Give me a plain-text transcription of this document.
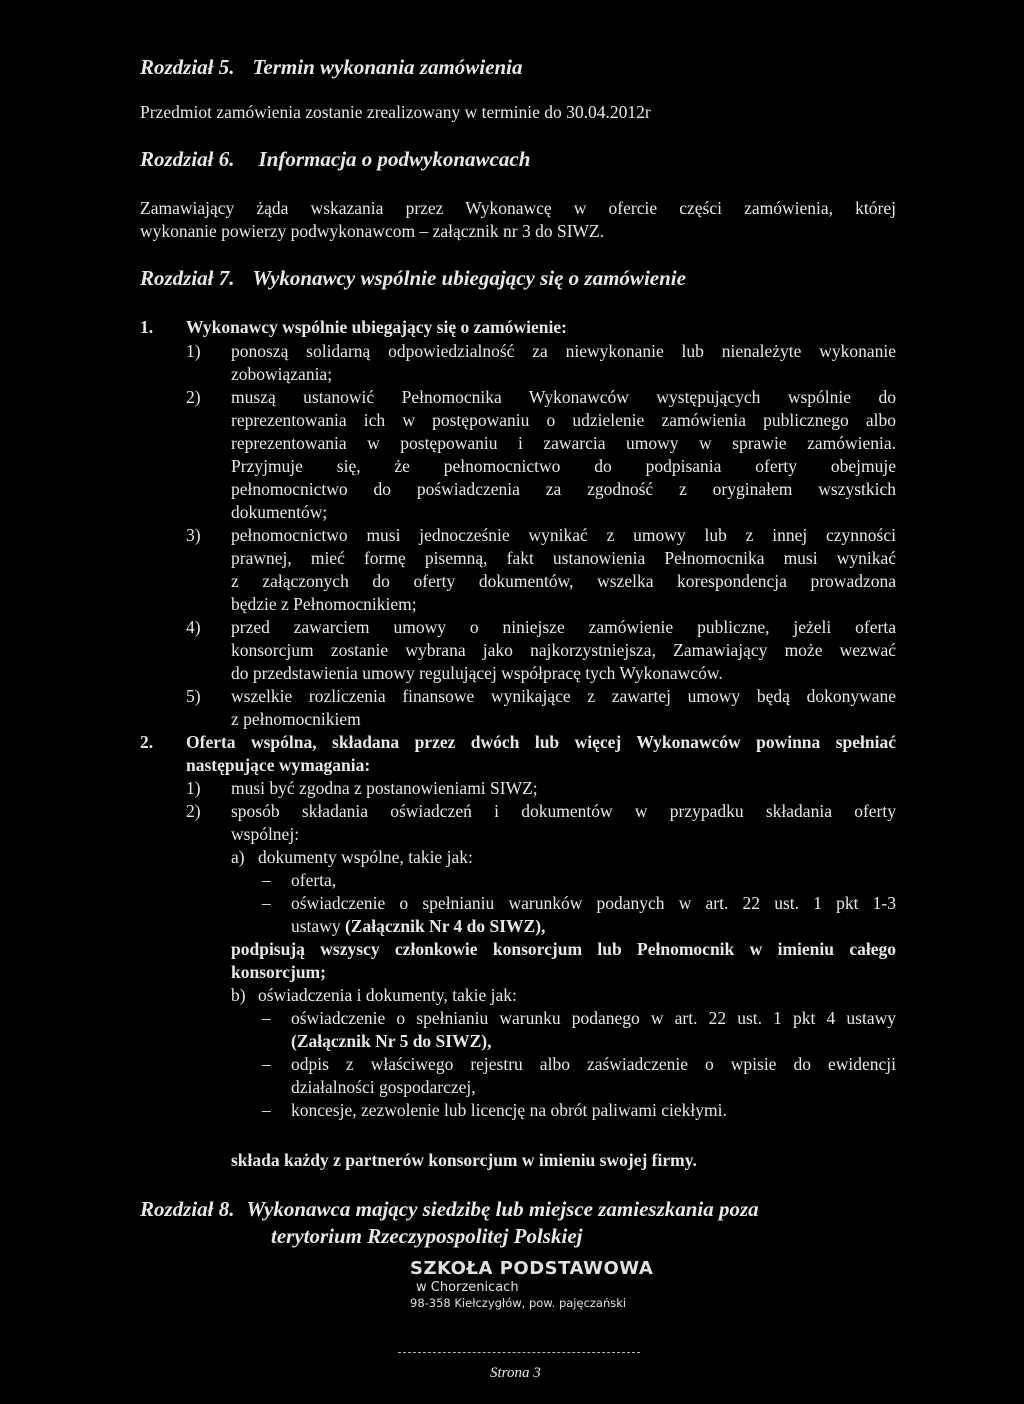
Rozdział 5. Termin wykonania zamówienia
Przedmiot zamówienia zostanie zrealizowany w terminie do 30.04.2012r
Rozdział 6. Informacja o podwykonawcach
Zamawiający żąda wskazania przez Wykonawcę w ofercie części zamówienia, której
wykonanie powierzy podwykonawcom – załącznik nr 3 do SIWZ.
Rozdział 7. Wykonawcy wspólnie ubiegający się o zamówienie
1. Wykonawcy wspólnie ubiegający się o zamówienie:
1) ponoszą solidarną odpowiedzialność za niewykonanie lub nienależyte wykonanie
zobowiązania;
2) muszą ustanowić Pełnomocnika Wykonawców występujących wspólnie do
reprezentowania ich w postępowaniu o udzielenie zamówienia publicznego albo
reprezentowania w postępowaniu i zawarcia umowy w sprawie zamówienia.
Przyjmuje się, że pełnomocnictwo do podpisania oferty obejmuje
pełnomocnictwo do poświadczenia za zgodność z oryginałem wszystkich
dokumentów;
3) pełnomocnictwo musi jednocześnie wynikać z umowy lub z innej czynności
prawnej, mieć formę pisemną, fakt ustanowienia Pełnomocnika musi wynikać
z załączonych do oferty dokumentów, wszelka korespondencja prowadzona
będzie z Pełnomocnikiem;
4) przed zawarciem umowy o niniejsze zamówienie publiczne, jeżeli oferta
konsorcjum zostanie wybrana jako najkorzystniejsza, Zamawiający może wezwać
do przedstawienia umowy regulującej współpracę tych Wykonawców.
5) wszelkie rozliczenia finansowe wynikające z zawartej umowy będą dokonywane
z pełnomocnikiem
2. Oferta wspólna, składana przez dwóch lub więcej Wykonawców powinna spełniać
następujące wymagania:
1) musi być zgodna z postanowieniami SIWZ;
2) sposób składania oświadczeń i dokumentów w przypadku składania oferty
wspólnej:
a) dokumenty wspólne, takie jak:
– oferta,
– oświadczenie o spełnianiu warunków podanych w art. 22 ust. 1 pkt 1-3
ustawy (Załącznik Nr 4 do SIWZ),
podpisują wszyscy członkowie konsorcjum lub Pełnomocnik w imieniu całego
konsorcjum;
b) oświadczenia i dokumenty, takie jak:
– oświadczenie o spełnianiu warunku podanego w art. 22 ust. 1 pkt 4 ustawy
(Załącznik Nr 5 do SIWZ),
– odpis z właściwego rejestru albo zaświadczenie o wpisie do ewidencji
działalności gospodarczej,
– koncesje, zezwolenie lub licencję na obrót paliwami ciekłymi.
składa każdy z partnerów konsorcjum w imieniu swojej firmy.
Rozdział 8. Wykonawca mający siedzibę lub miejsce zamieszkania poza
terytorium Rzeczypospolitej Polskiej
SZKOŁA PODSTAWOWA
w Chorzenicach
98-358 Kiełczygłów, pow. pajęczański
Strona 3
